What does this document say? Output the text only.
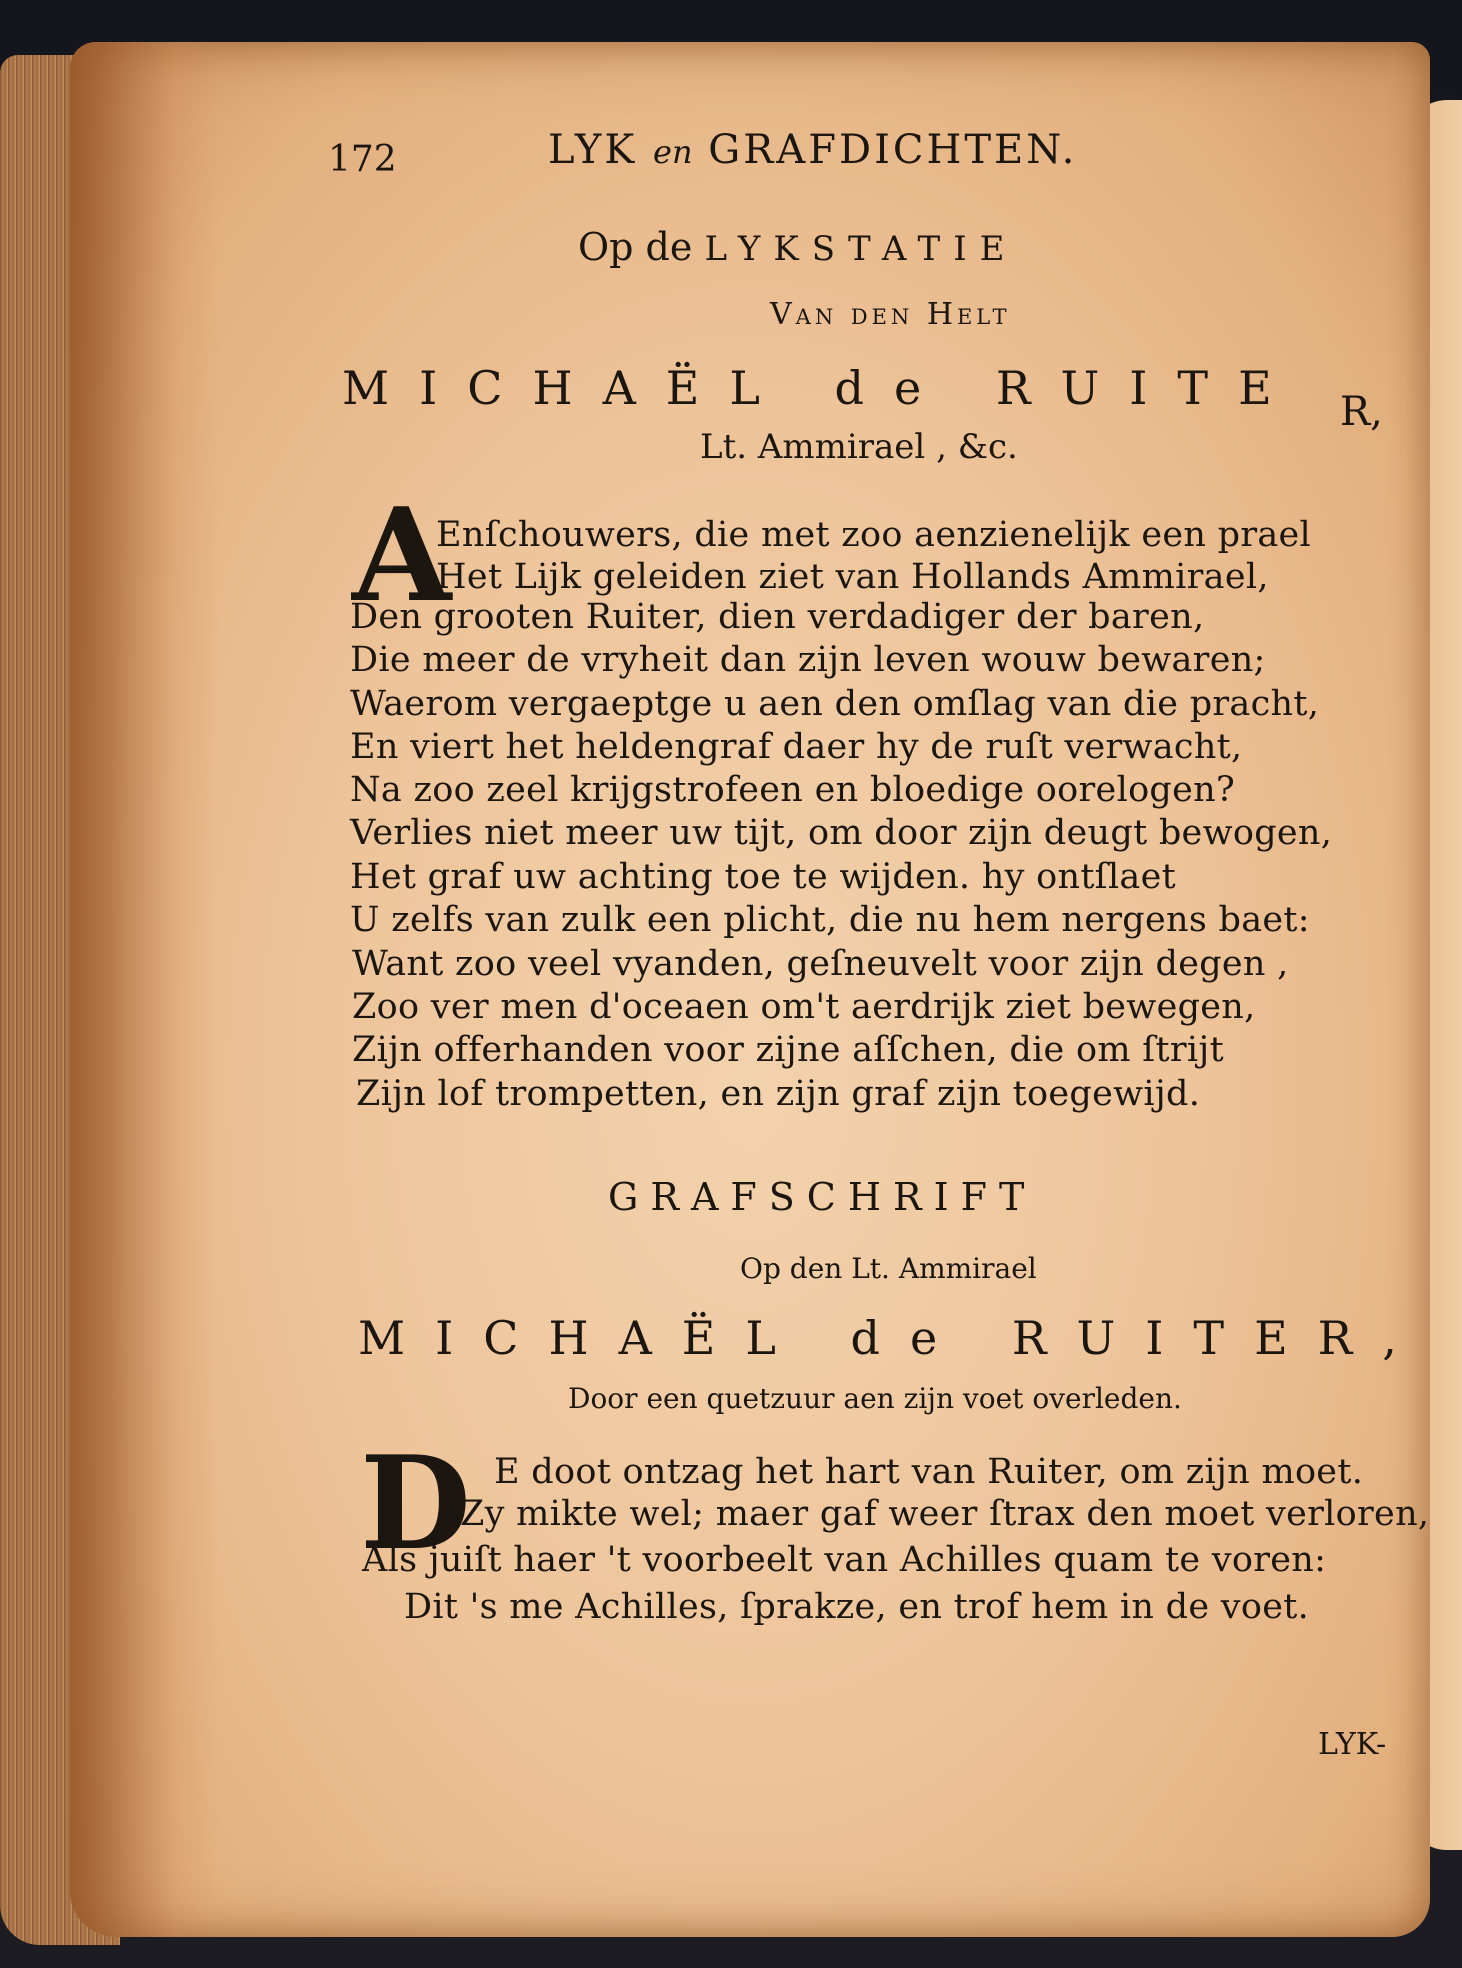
172	LYK en GRAFDICHTEN.
Op de LYKSTATIE
Van den Helt
MICHAËL de RUITE R,
Lt. Ammirael , &c.
A
Enſchouwers, die met zoo aenzienelijk een prael
Het Lijk geleiden ziet van Hollands Ammirael,
Den grooten Ruiter, dien verdadiger der baren,
Die meer de vryheit dan zijn leven wouw bewaren;
Waerom vergaeptge u aen den omſlag van die pracht,
En viert het heldengraf daer hy de ruſt verwacht,
Na zoo zeel krijgstrofeen en bloedige oorelogen?
Verlies niet meer uw tijt, om door zijn deugt bewogen,
Het graf uw achting toe te wijden. hy ontſlaet
U zelfs van zulk een plicht, die nu hem nergens baet:
Want zoo veel vyanden, geſneuvelt voor zijn degen ,
Zoo ver men d'oceaen om't aerdrijk ziet bewegen,
Zijn offerhanden voor zijne aſſchen, die om ſtrijt
Zijn lof trompetten, en zijn graf zijn toegewijd.
GRAFSCHRIFT
Op den Lt. Ammirael
MICHAËL de RUITER,
Door een quetzuur aen zijn voet overleden.
D E doot ontzag het hart van Ruiter, om zijn moet.
Zy mikte wel; maer gaf weer ſtrax den moet verloren,
Als juiſt haer 't voorbeelt van Achilles quam te voren:
Dit 's me Achilles, ſprakze, en trof hem in de voet.
LYK-
